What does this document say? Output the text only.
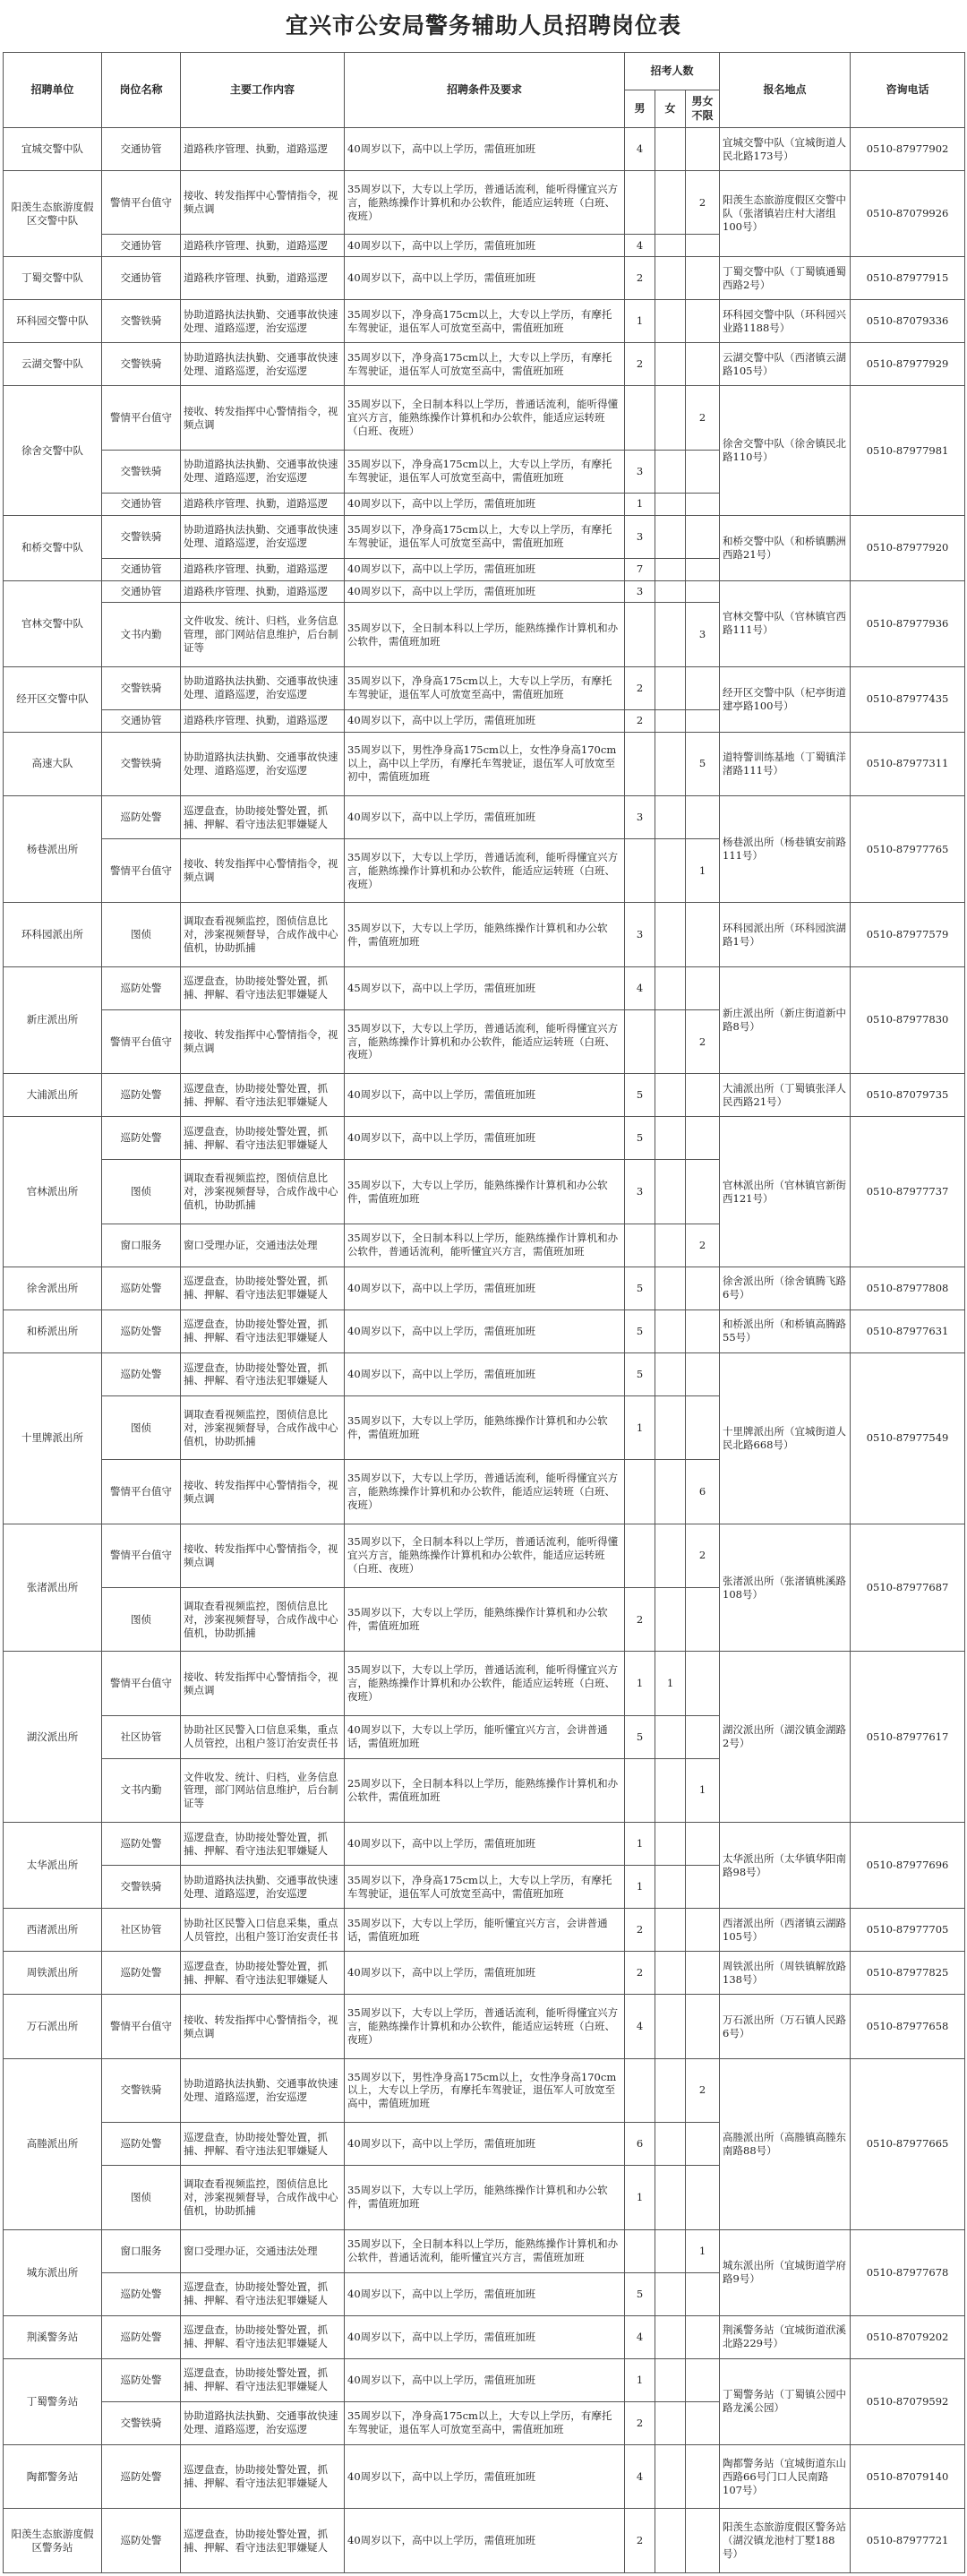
宜兴市公安局警务辅助人员招聘岗位表
招聘单位	岗位名称	主要工作内容	招聘条件及要求	招考人数			报名地点	咨询电话
				男	女	男女不限		
宜城交警中队	交通协管	道路秩序管理、执勤，道路巡逻	40周岁以下，高中以上学历，需值班加班	4			宜城交警中队（宜城街道人民北路173号）	0510-87977902
阳羡生态旅游度假区交警中队	警情平台值守	接收、转发指挥中心警情指令，视频点调	35周岁以下，大专以上学历，普通话流利，能听得懂宜兴方言，能熟练操作计算机和办公软件，能适应运转班（白班、夜班）			2	阳羡生态旅游度假区交警中队（张渚镇岩庄村大渚组100号）	0510-87079926
	交通协管	道路秩序管理、执勤，道路巡逻	40周岁以下，高中以上学历，需值班加班	4				
丁蜀交警中队	交通协管	道路秩序管理、执勤，道路巡逻	40周岁以下，高中以上学历，需值班加班	2			丁蜀交警中队（丁蜀镇通蜀西路2号）	0510-87977915
环科园交警中队	交警铁骑	协助道路执法执勤、交通事故快速处理、道路巡逻，治安巡逻	35周岁以下，净身高175cm以上，大专以上学历，有摩托车驾驶证，退伍军人可放宽至高中，需值班加班	1			环科园交警中队（环科园兴业路1188号）	0510-87079336
云湖交警中队	交警铁骑	协助道路执法执勤、交通事故快速处理、道路巡逻，治安巡逻	35周岁以下，净身高175cm以上，大专以上学历，有摩托车驾驶证，退伍军人可放宽至高中，需值班加班	2			云湖交警中队（西渚镇云湖路105号）	0510-87977929
徐舍交警中队	警情平台值守	接收、转发指挥中心警情指令，视频点调	35周岁以下，全日制本科以上学历，普通话流利，能听得懂宜兴方言，能熟练操作计算机和办公软件，能适应运转班（白班、夜班）			2	徐舍交警中队（徐舍镇民北路110号）	0510-87977981
	交警铁骑	协助道路执法执勤、交通事故快速处理、道路巡逻，治安巡逻	35周岁以下，净身高175cm以上，大专以上学历，有摩托车驾驶证，退伍军人可放宽至高中，需值班加班	3				
	交通协管	道路秩序管理、执勤，道路巡逻	40周岁以下，高中以上学历，需值班加班	1				
和桥交警中队	交警铁骑	协助道路执法执勤、交通事故快速处理、道路巡逻，治安巡逻	35周岁以下，净身高175cm以上，大专以上学历，有摩托车驾驶证，退伍军人可放宽至高中，需值班加班	3			和桥交警中队（和桥镇鹏洲西路21号）	0510-87977920
	交通协管	道路秩序管理、执勤，道路巡逻	40周岁以下，高中以上学历，需值班加班	7				
官林交警中队	交通协管	道路秩序管理、执勤，道路巡逻	40周岁以下，高中以上学历，需值班加班	3			官林交警中队（官林镇官西路111号）	0510-87977936
	文书内勤	文件收发、统计、归档，业务信息管理，部门网站信息维护，后台制证等	35周岁以下，全日制本科以上学历，能熟练操作计算机和办公软件，需值班加班			3		
经开区交警中队	交警铁骑	协助道路执法执勤、交通事故快速处理、道路巡逻，治安巡逻	35周岁以下，净身高175cm以上，大专以上学历，有摩托车驾驶证，退伍军人可放宽至高中，需值班加班	2			经开区交警中队（杞亭街道建亭路100号）	0510-87977435
	交通协管	道路秩序管理、执勤，道路巡逻	40周岁以下，高中以上学历，需值班加班	2				
高速大队	交警铁骑	协助道路执法执勤、交通事故快速处理、道路巡逻，治安巡逻	35周岁以下，男性净身高175cm以上，女性净身高170cm以上，高中以上学历，有摩托车驾驶证，退伍军人可放宽至初中，需值班加班			5	道特警训练基地（丁蜀镇洋渚路111号）	0510-87977311
杨巷派出所	巡防处警	巡逻盘查，协助接处警处置，抓捕、押解、看守违法犯罪嫌疑人	40周岁以下，高中以上学历，需值班加班	3			杨巷派出所（杨巷镇安前路111号）	0510-87977765
	警情平台值守	接收、转发指挥中心警情指令，视频点调	35周岁以下，大专以上学历，普通话流利，能听得懂宜兴方言，能熟练操作计算机和办公软件，能适应运转班（白班、夜班）			1		
环科园派出所	图侦	调取查看视频监控，图侦信息比对，涉案视频督导，合成作战中心值机，协助抓捕	35周岁以下，大专以上学历，能熟练操作计算机和办公软件，需值班加班	3			环科园派出所（环科园滨湖路1号）	0510-87977579
新庄派出所	巡防处警	巡逻盘查，协助接处警处置，抓捕、押解、看守违法犯罪嫌疑人	45周岁以下，高中以上学历，需值班加班	4			新庄派出所（新庄街道新中路8号）	0510-87977830
	警情平台值守	接收、转发指挥中心警情指令，视频点调	35周岁以下，大专以上学历，普通话流利，能听得懂宜兴方言，能熟练操作计算机和办公软件，能适应运转班（白班、夜班）			2		
大浦派出所	巡防处警	巡逻盘查，协助接处警处置，抓捕、押解、看守违法犯罪嫌疑人	40周岁以下，高中以上学历，需值班加班	5			大浦派出所（丁蜀镇张泽人民西路21号）	0510-87079735
官林派出所	巡防处警	巡逻盘查，协助接处警处置，抓捕、押解、看守违法犯罪嫌疑人	40周岁以下，高中以上学历，需值班加班	5			官林派出所（官林镇官新街西121号）	0510-87977737
	图侦	调取查看视频监控，图侦信息比对，涉案视频督导，合成作战中心值机，协助抓捕	35周岁以下，大专以上学历，能熟练操作计算机和办公软件，需值班加班	3				
	窗口服务	窗口受理办证，交通违法处理	35周岁以下，全日制本科以上学历，能熟练操作计算机和办公软件，普通话流利，能听懂宜兴方言，需值班加班			2		
徐舍派出所	巡防处警	巡逻盘查，协助接处警处置，抓捕、押解、看守违法犯罪嫌疑人	40周岁以下，高中以上学历，需值班加班	5			徐舍派出所（徐舍镇腾飞路6号）	0510-87977808
和桥派出所	巡防处警	巡逻盘查，协助接处警处置，抓捕、押解、看守违法犯罪嫌疑人	40周岁以下，高中以上学历，需值班加班	5			和桥派出所（和桥镇高腾路55号）	0510-87977631
十里牌派出所	巡防处警	巡逻盘查，协助接处警处置，抓捕、押解、看守违法犯罪嫌疑人	40周岁以下，高中以上学历，需值班加班	5			十里牌派出所（宜城街道人民北路668号）	0510-87977549
	图侦	调取查看视频监控，图侦信息比对，涉案视频督导，合成作战中心值机，协助抓捕	35周岁以下，大专以上学历，能熟练操作计算机和办公软件，需值班加班	1				
	警情平台值守	接收、转发指挥中心警情指令，视频点调	35周岁以下，大专以上学历，普通话流利，能听得懂宜兴方言，能熟练操作计算机和办公软件，能适应运转班（白班、夜班）			6		
张渚派出所	警情平台值守	接收、转发指挥中心警情指令，视频点调	35周岁以下，全日制本科以上学历，普通话流利，能听得懂宜兴方言，能熟练操作计算机和办公软件，能适应运转班（白班、夜班）			2	张渚派出所（张渚镇桃溪路108号）	0510-87977687
	图侦	调取查看视频监控，图侦信息比对，涉案视频督导，合成作战中心值机，协助抓捕	35周岁以下，大专以上学历，能熟练操作计算机和办公软件，需值班加班	2				
湖㳇派出所	警情平台值守	接收、转发指挥中心警情指令，视频点调	35周岁以下，大专以上学历，普通话流利，能听得懂宜兴方言，能熟练操作计算机和办公软件，能适应运转班（白班、夜班）	1	1		湖㳇派出所（湖㳇镇金湖路2号）	0510-87977617
	社区协管	协助社区民警入口信息采集，重点人员管控，出租户签订治安责任书	40周岁以下，大专以上学历，能听懂宜兴方言，会讲普通话，需值班加班	5				
	文书内勤	文件收发、统计、归档，业务信息管理，部门网站信息维护，后台制证等	25周岁以下，全日制本科以上学历，能熟练操作计算机和办公软件，需值班加班			1		
太华派出所	巡防处警	巡逻盘查，协助接处警处置，抓捕、押解、看守违法犯罪嫌疑人	40周岁以下，高中以上学历，需值班加班	1			太华派出所（太华镇华阳南路98号）	0510-87977696
	交警铁骑	协助道路执法执勤、交通事故快速处理、道路巡逻，治安巡逻	35周岁以下，净身高175cm以上，大专以上学历，有摩托车驾驶证，退伍军人可放宽至高中，需值班加班	1				
西渚派出所	社区协管	协助社区民警入口信息采集，重点人员管控，出租户签订治安责任书	35周岁以下，大专以上学历，能听懂宜兴方言，会讲普通话，需值班加班	2			西渚派出所（西渚镇云湖路105号）	0510-87977705
周铁派出所	巡防处警	巡逻盘查，协助接处警处置，抓捕、押解、看守违法犯罪嫌疑人	40周岁以下，高中以上学历，需值班加班	2			周铁派出所（周铁镇解放路138号）	0510-87977825
万石派出所	警情平台值守	接收、转发指挥中心警情指令，视频点调	35周岁以下，大专以上学历，普通话流利，能听得懂宜兴方言，能熟练操作计算机和办公软件，能适应运转班（白班、夜班）	4			万石派出所（万石镇人民路6号）	0510-87977658
高塍派出所	交警铁骑	协助道路执法执勤、交通事故快速处理、道路巡逻，治安巡逻	35周岁以下，男性净身高175cm以上，女性净身高170cm以上，大专以上学历，有摩托车驾驶证，退伍军人可放宽至高中，需值班加班			2	高塍派出所（高塍镇高塍东南路88号）	0510-87977665
	巡防处警	巡逻盘查，协助接处警处置，抓捕、押解、看守违法犯罪嫌疑人	40周岁以下，高中以上学历，需值班加班	6				
	图侦	调取查看视频监控，图侦信息比对，涉案视频督导，合成作战中心值机，协助抓捕	35周岁以下，大专以上学历，能熟练操作计算机和办公软件，需值班加班	1				
城东派出所	窗口服务	窗口受理办证，交通违法处理	35周岁以下，全日制本科以上学历，能熟练操作计算机和办公软件，普通话流利，能听懂宜兴方言，需值班加班			1	城东派出所（宜城街道学府路9号）	0510-87977678
	巡防处警	巡逻盘查，协助接处警处置，抓捕、押解、看守违法犯罪嫌疑人	40周岁以下，高中以上学历，需值班加班	5				
荆溪警务站	巡防处警	巡逻盘查，协助接处警处置，抓捕、押解、看守违法犯罪嫌疑人	40周岁以下，高中以上学历，需值班加班	4			荆溪警务站（宜城街道洑溪北路229号）	0510-87079202
丁蜀警务站	巡防处警	巡逻盘查，协助接处警处置，抓捕、押解、看守违法犯罪嫌疑人	40周岁以下，高中以上学历，需值班加班	1			丁蜀警务站（丁蜀镇公园中路龙溪公园）	0510-87079592
	交警铁骑	协助道路执法执勤、交通事故快速处理、道路巡逻，治安巡逻	35周岁以下，净身高175cm以上，大专以上学历，有摩托车驾驶证，退伍军人可放宽至高中，需值班加班	2				
陶都警务站	巡防处警	巡逻盘查，协助接处警处置，抓捕、押解、看守违法犯罪嫌疑人	40周岁以下，高中以上学历，需值班加班	4			陶都警务站（宜城街道东山西路66号门口人民南路107号）	0510-87079140
阳羡生态旅游度假区警务站	巡防处警	巡逻盘查，协助接处警处置，抓捕、押解、看守违法犯罪嫌疑人	40周岁以下，高中以上学历，需值班加班	2			阳羡生态旅游度假区警务站（湖㳇镇龙池村丁墅188号）	0510-87977721
